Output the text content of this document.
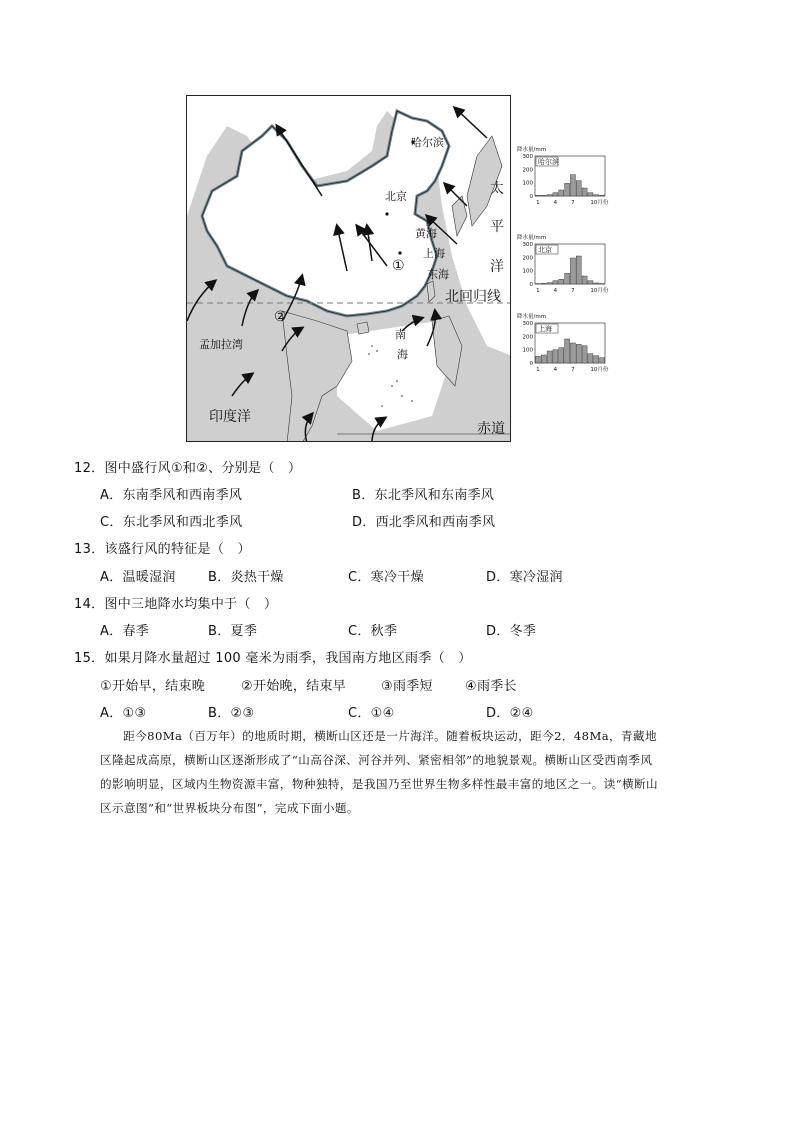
哈尔滨
北京
黄海
上海
东海
太
平
洋
北回归线
南
海
孟加拉湾
印度洋
赤道
①
②
降水量/mm
300
200
100
0
哈尔滨
1	4	7	10月份
降水量/mm
300
200
100
0
北京
1	4	7	10月份
降水量/mm
300
200
100
0
上海
1	4	7	10月份
12．图中盛行风①和②、分别是（　）
A．东南季风和西南季风	B．东北季风和东南季风
C．东北季风和西北季风	D．西北季风和西南季风
13．该盛行风的特征是（　）
A．温暖湿润 B．炎热干燥	C．寒冷干燥	D．寒冷湿润
14．图中三地降水均集中于（　）
A．春季	B．夏季	C．秋季	D．冬季
15．如果月降水量超过 100 毫米为雨季，我国南方地区雨季（　）
①开始早，结束晚	②开始晚，结束早	③雨季短 ④雨季长
A．①③	B．②③	C．①④	D．②④
距今80Ma（百万年）的地质时期，横断山区还是一片海洋。随着板块运动，距今2．48Ma，青藏地区隆起成高原，横断山区逐渐形成了“山高谷深、河谷并列、紧密相邻”的地貌景观。横断山区受西南季风的影响明显，区域内生物资源丰富，物种独特，是我国乃至世界生物多样性最丰富的地区之一。读“横断山区示意图”和“世界板块分布图”，完成下面小题。
